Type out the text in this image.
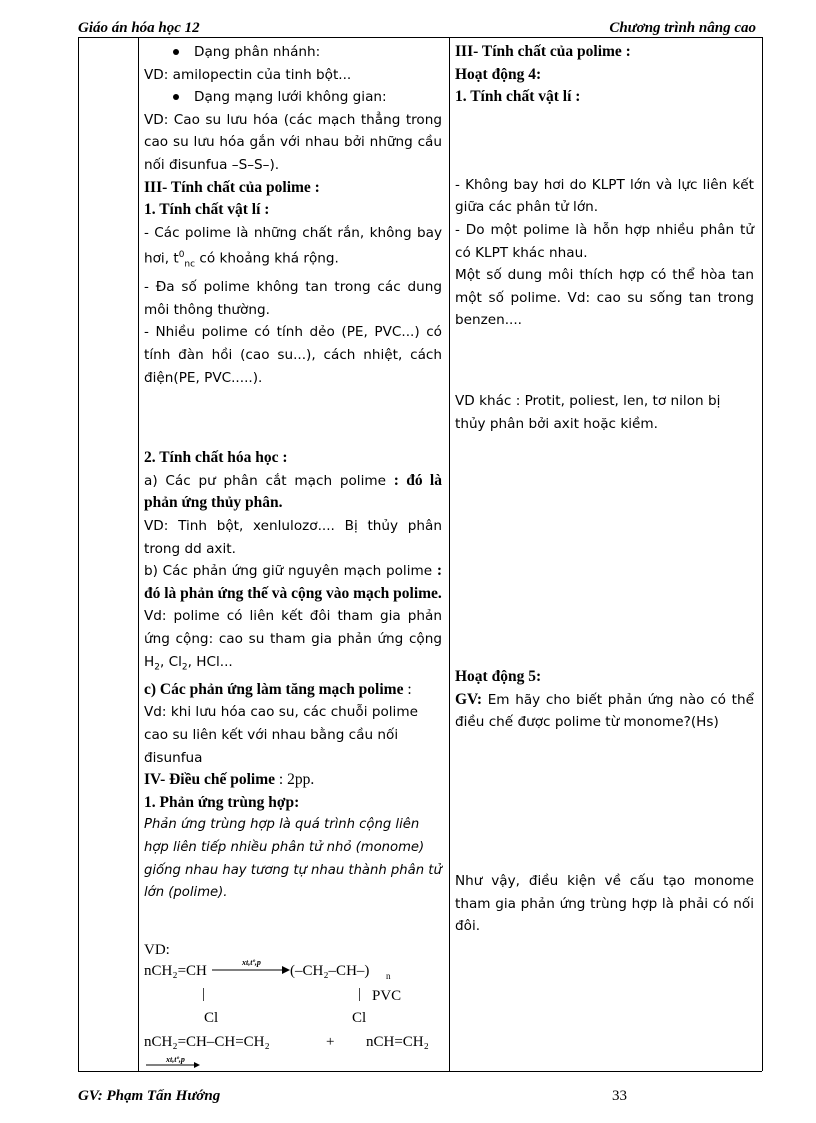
Giáo án hóa học 12	Chương trình nâng cao
Dạng phân nhánh:

VD: amilopectin của tinh bột...

Dạng mạng lưới không gian:

VD: Cao su lưu hóa (các mạch thẳng trong cao su lưu hóa gắn với nhau bởi những cầu nối đisunfua –S–S–).

III- Tính chất của polime :

1. Tính chất vật lí :

- Các polime là những chất rắn, không bay hơi, $t^0_{nc}$ có khoảng khá rộng.

- Đa số polime không tan trong các dung môi thông thường.

- Nhiều polime có tính dẻo (PE, PVC...) có tính đàn hồi (cao su...), cách nhiệt, cách điện(PE, PVC.....).

2. Tính chất hóa học :

a) Các pư phân cắt mạch polime : đó là phản ứng thủy phân.

VD: Tinh bột, xenlulozơ.... Bị thủy phân trong dd axit.

b) Các phản ứng giữ nguyên mạch polime : đó là phản ứng thế và cộng vào mạch polime.

Vd: polime có liên kết đôi tham gia phản ứng cộng: cao su tham gia phản ứng cộng $H_2$, $Cl_2$, HCl...

c) Các phản ứng làm tăng mạch polime :

Vd: khi lưu hóa cao su, các chuỗi polime cao su liên kết với nhau bằng cầu nối đisunfua

IV- Điều chế polime : 2pp.

1. Phản ứng trùng hợp:

Phản ứng trùng hợp là quá trình cộng liên hợp liên tiếp nhiều phân tử nhỏ (monome) giống nhau hay tương tự nhau thành phân tử lớn (polime).

VD:
nCH₂=CH
xt,tº,p
(–CH₂–CH–) n
|	| PVC
Cl	Cl
nCH₂=CH–CH=CH₂	+ nCH=CH₂
xt,tº,p

III- Tính chất của polime :

Hoạt động 4:

1. Tính chất vật lí :

- Không bay hơi do KLPT lớn và lực liên kết giữa các phân tử lớn.

- Do một polime là hỗn hợp nhiều phân tử có KLPT khác nhau.

Một số dung môi thích hợp có thể hòa tan một số polime. Vd: cao su sống tan trong benzen....

VD khác : Protit, poliest, len, tơ nilon bị thủy phân bởi axit hoặc kiềm.

Hoạt động 5:

GV: Em hãy cho biết phản ứng nào có thể điều chế được polime từ monome?(Hs)

Như vậy, điều kiện về cấu tạo monome tham gia phản ứng trùng hợp là phải có nối đôi.

GV: Phạm Tấn Hướng	33
